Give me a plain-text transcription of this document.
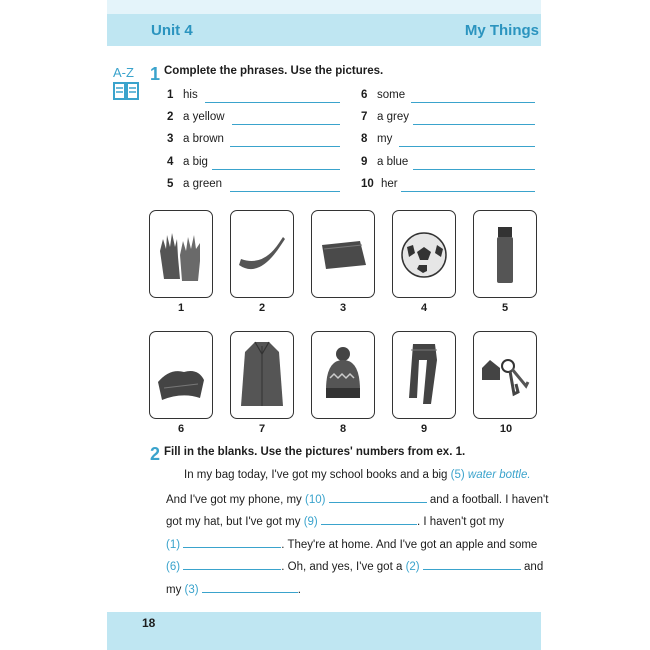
Unit 4	My Things
A-Z 1 Complete the phrases. Use the pictures.
1 his
2 a yellow
3 a brown
4 a big
5 a green
6 some
7 a grey
8 my
9 a blue
10 her
1	2	3	4	5
6	7	8	9	10
2 Fill in the blanks. Use the pictures' numbers from ex. 1.
In my bag today, I've got my school books and a big (5) water bottle.
And I've got my phone, my (10)	and a football. I haven't
got my hat, but I've got my (9)	. I haven't got my
(1)	. They're at home. And I've got an apple and some
(6)	. Oh, and yes, I've got a (2)	and
my (3)	.
18
